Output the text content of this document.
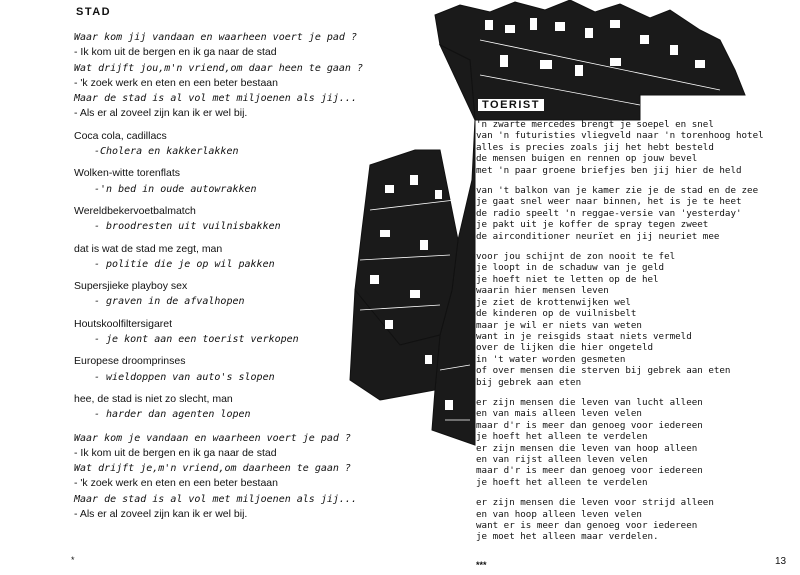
STAD
Waar kom jij vandaan en waarheen voert je pad ?
- Ik kom uit de bergen en ik ga naar de stad
Wat drijft jou,m'n vriend,om daar heen te gaan ?
- 'k zoek werk en eten en een beter bestaan
Maar de stad is al vol met miljoenen als jij...
- Als er al zoveel zijn kan ik er wel bij.
Coca cola, cadillacs
-Cholera en kakkerlakken
Wolken-witte torenflats
-'n bed in oude autowrakken
Wereldbekervoetbalmatch
- broodresten uit vuilnisbakken
dat is wat de stad me zegt, man
- politie die je op wil pakken
Supersjieke playboy sex
- graven in de afvalhopen
Houtskoolfiltersigaret
- je kont aan een toerist verkopen
Europese droomprinses
- wieldoppen van auto's slopen
hee, de stad is niet zo slecht, man
- harder dan agenten lopen
Waar kom je vandaan en waarheen voert je pad ?
- Ik kom uit de bergen en ik ga naar de stad
Wat drijft je,m'n vriend,om daarheen te gaan ?
- 'k zoek werk en eten en een beter bestaan
Maar de stad is al vol met miljoenen als jij...
- Als er al zoveel zijn kan ik er wel bij.
*
TOERIST
'n zwarte mercedes brengt je soepel en snel
van 'n futuristies vliegveld naar 'n torenhoog hotel
alles is precies zoals jij het hebt besteld
de mensen buigen en rennen op jouw bevel
met 'n paar groene briefjes ben jij hier de held
van 't balkon van je kamer zie je de stad en de zee
je gaat snel weer naar binnen, het is je te heet
de radio speelt 'n reggae-versie van 'yesterday'
je pakt uit je koffer de spray tegen zweet
de airconditioner neurïet en jij neuriet mee
voor jou schijnt de zon nooit te fel
je loopt in de schaduw van je geld
je hoeft niet te letten op de hel
waarin hier mensen leven
je ziet de krottenwijken wel
de kinderen op de vuilnisbelt
maar je wil er niets van weten
want in je reisgids staat niets vermeld
over de lijken die hier ongeteld
in 't water worden gesmeten
of over mensen die sterven bij gebrek aan eten
bij gebrek aan eten
er zijn mensen die leven van lucht alleen
en van mais alleen leven velen
maar d'r is meer dan genoeg voor iedereen
je hoeft het alleen te verdelen
er zijn mensen die leven van hoop alleen
en van rijst alleen leven velen
maar d'r is meer dan genoeg voor iedereen
je hoeft het alleen te verdelen
er zijn mensen die leven voor strijd alleen
en van hoop alleen leven velen
want er is meer dan genoeg voor iedereen
je moet het alleen maar verdelen.
***	13
